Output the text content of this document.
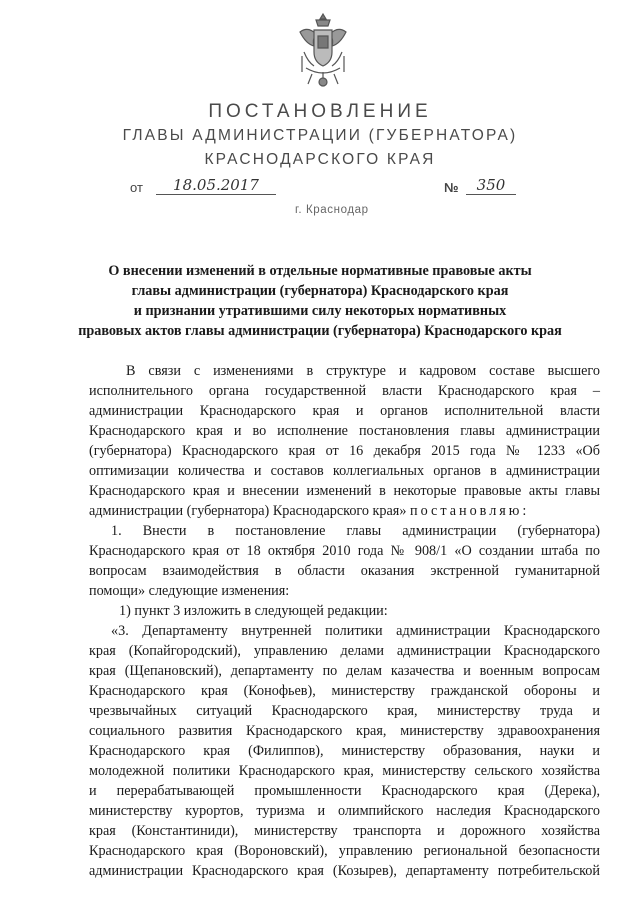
ПОСТАНОВЛЕНИЕ
ГЛАВЫ АДМИНИСТРАЦИИ (ГУБЕРНАТОРА)
КРАСНОДАРСКОГО КРАЯ
от	18.05.2017	№	350
г. Краснодар
О внесении изменений в отдельные нормативные правовые акты
главы администрации (губернатора) Краснодарского края
и признании утратившими силу некоторых нормативных
правовых актов главы администрации (губернатора) Краснодарского края
В связи с изменениями в структуре и кадровом составе высшего
исполнительного органа государственной власти Краснодарского края –
администрации Краснодарского края и органов исполнительной власти
Краснодарского края и во исполнение постановления главы администрации
(губернатора) Краснодарского края от 16 декабря 2015 года № 1233 «Об
оптимизации количества и составов коллегиальных органов в администрации
Краснодарского края и внесении изменений в некоторые правовые акты главы
администрации (губернатора) Краснодарского края» постановляю:
1. Внести в постановление главы администрации (губернатора)
Краснодарского края от 18 октября 2010 года № 908/1 «О создании штаба по
вопросам взаимодействия в области оказания экстренной гуманитарной
помощи» следующие изменения:
1) пункт 3 изложить в следующей редакции:
«3. Департаменту внутренней политики администрации Краснодарского
края (Копайгородский), управлению делами администрации Краснодарского
края (Щепановский), департаменту по делам казачества и военным вопросам
Краснодарского края (Конофьев), министерству гражданской обороны и
чрезвычайных ситуаций Краснодарского края, министерству труда и
социального развития Краснодарского края, министерству здравоохранения
Краснодарского края (Филиппов), министерству образования, науки и
молодежной политики Краснодарского края, министерству сельского хозяйства
и перерабатывающей промышленности Краснодарского края (Дерека),
министерству курортов, туризма и олимпийского наследия Краснодарского
края (Константиниди), министерству транспорта и дорожного хозяйства
Краснодарского края (Вороновский), управлению региональной безопасности
администрации Краснодарского края (Козырев), департаменту потребительской
